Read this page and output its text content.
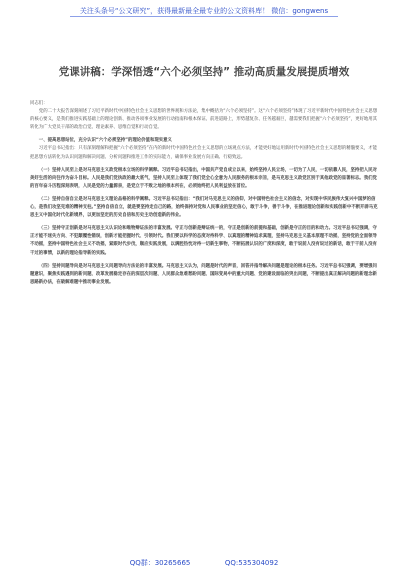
关注头条号“公文研究”，获得最新最全最专业的公文资料库！ 微信：gongwens
党课讲稿：学深悟透“六个必须坚持” 推动高质量发展提质增效

同志们：

党的二十大报告深刻阐述了习近平新时代中国特色社会主义思想的世界观和方法论，集中概括为“六个必须坚持”。这“六个必须坚持”体现了习近平新时代中国特色社会主义思想的核心要义，是我们推进实践基础上的理论创新、推动各项事业发展的行动指南和根本保证。前进道路上，形势越复杂、任务越艰巨，越需要我们把握“六个必须坚持”，更好地用其转化为广大党员干部的政治自觉、理论素养、思维自觉和行动自觉。

一、提高思想站位，充分认识“六个必须坚持”的理论价值和现实意义

习近平总书记指出：只有深刻理解和把握“六个必须坚持”在内的新时代中国特色社会主义思想的立场观点方法，才能更好地运用新时代中国特色社会主义思想的精髓要义，才能把思想方法转化为认识问题和解决问题、分析问题和推进工作的实际能力，确保事业发展方向正确、行稳致远。

（一）坚持人民至上是对马克思主义政党根本立场的科学阐释。习近平总书记指出，中国共产党自成立以来，始终坚持人民立场，一切为了人民，一切依靠人民，坚持把人民对美好生活的向往作为奋斗目标。人民是我们党执政的最大底气，坚持人民至上体现了我们党全心全意为人民服务的根本宗旨，是马克思主义政党区别于其他政党的显著标志。我们党的百年奋斗历程深刻表明，人民是党的力量源泉，是党立于不败之地的根本所在，必须始终把人民利益放在首位。

（二）坚持自信自立是对马克思主义理论品格的科学阐释。习近平总书记指出：“我们对马克思主义的信仰，对中国特色社会主义的信念，对实现中华民族伟大复兴中国梦的信心，是我们攻坚克难的精神支柱。”坚持自信自立，就是要坚持走自己的路，始终保持对党和人民事业的坚定信心，敢于斗争，善于斗争，在推进理论创新和实践创新中不断开辟马克思主义中国化时代化新境界，以更加坚定的历史自信和历史主动创造新的伟业。

（三）坚持守正创新是对马克思主义认识论和唯物辩证法的丰富发展。守正与创新是辩证统一的，守正是创新的前提和基础，创新是守正的目的和动力。习近平总书记强调，守正才能不迷失方向、不犯颠覆性错误，创新才能把握时代、引领时代。我们要以科学的态度对待科学、以真理的精神追求真理，坚持马克思主义基本原理不动摇，坚持党的全面领导不动摇，坚持中国特色社会主义不动摇，紧跟时代步伐，顺应实践发展，以满腔热忱对待一切新生事物，不断拓展认识的广度和深度，敢于说前人没有说过的新话，敢于干前人没有干过的事情，以新的理论指导新的实践。

（四）坚持问题导向是对马克思主义问题导向方法论的丰富发展。马克思主义认为，问题是时代的声音，回答并指导解决问题是理论的根本任务。习近平总书记强调，要增强问题意识，聚焦实践遇到的新问题、改革发展稳定存在的深层次问题、人民群众急难愁盼问题、国际变局中的重大问题、党的建设面临的突出问题，不断提出真正解决问题的新理念新思路新办法，在破解难题中推动事业发展。

QQ群：30265665	QQ:535304092
